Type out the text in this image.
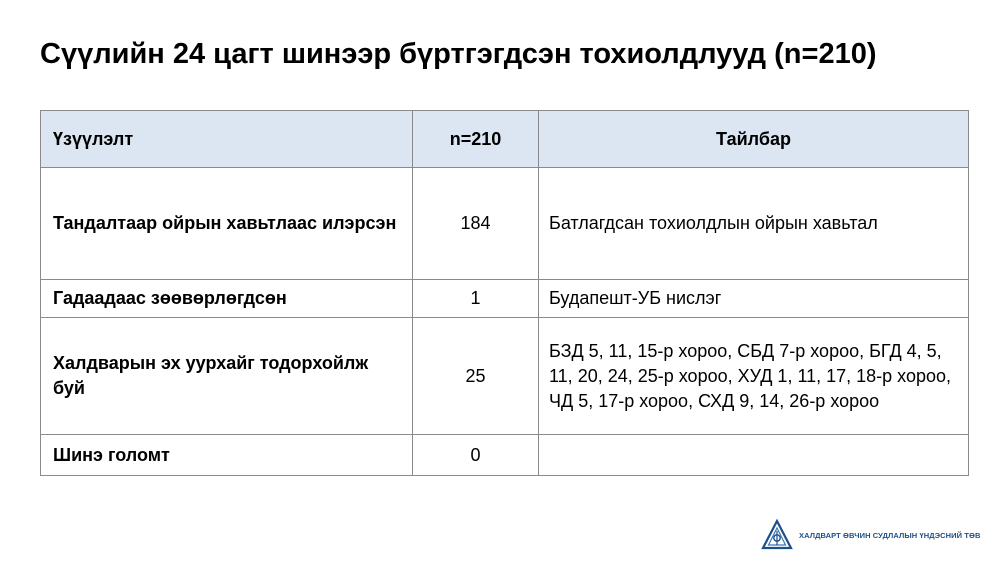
Сүүлийн 24 цагт шинээр бүртгэгдсэн тохиолдлууд (n=210)
Үзүүлэлт	n=210	Тайлбар
Тандалтаар ойрын хавьтлаас илэрсэн	184	Батлагдсан тохиолдлын ойрын хавьтал
Гадаадаас зөөвөрлөгдсөн	1	Будапешт-УБ нислэг
Халдварын эх уурхайг тодорхойлж буй	25	БЗД 5, 11, 15-р хороо, СБД 7-р хороо, БГД 4, 5, 11, 20, 24, 25-р хороо, ХУД 1, 11, 17, 18-р хороо, ЧД 5, 17-р хороо, СХД 9, 14, 26-р хороо
Шинэ голомт	0	
ХАЛДВАРТ ӨВЧИН СУДЛАЛЫН ҮНДЭСНИЙ ТӨВ
